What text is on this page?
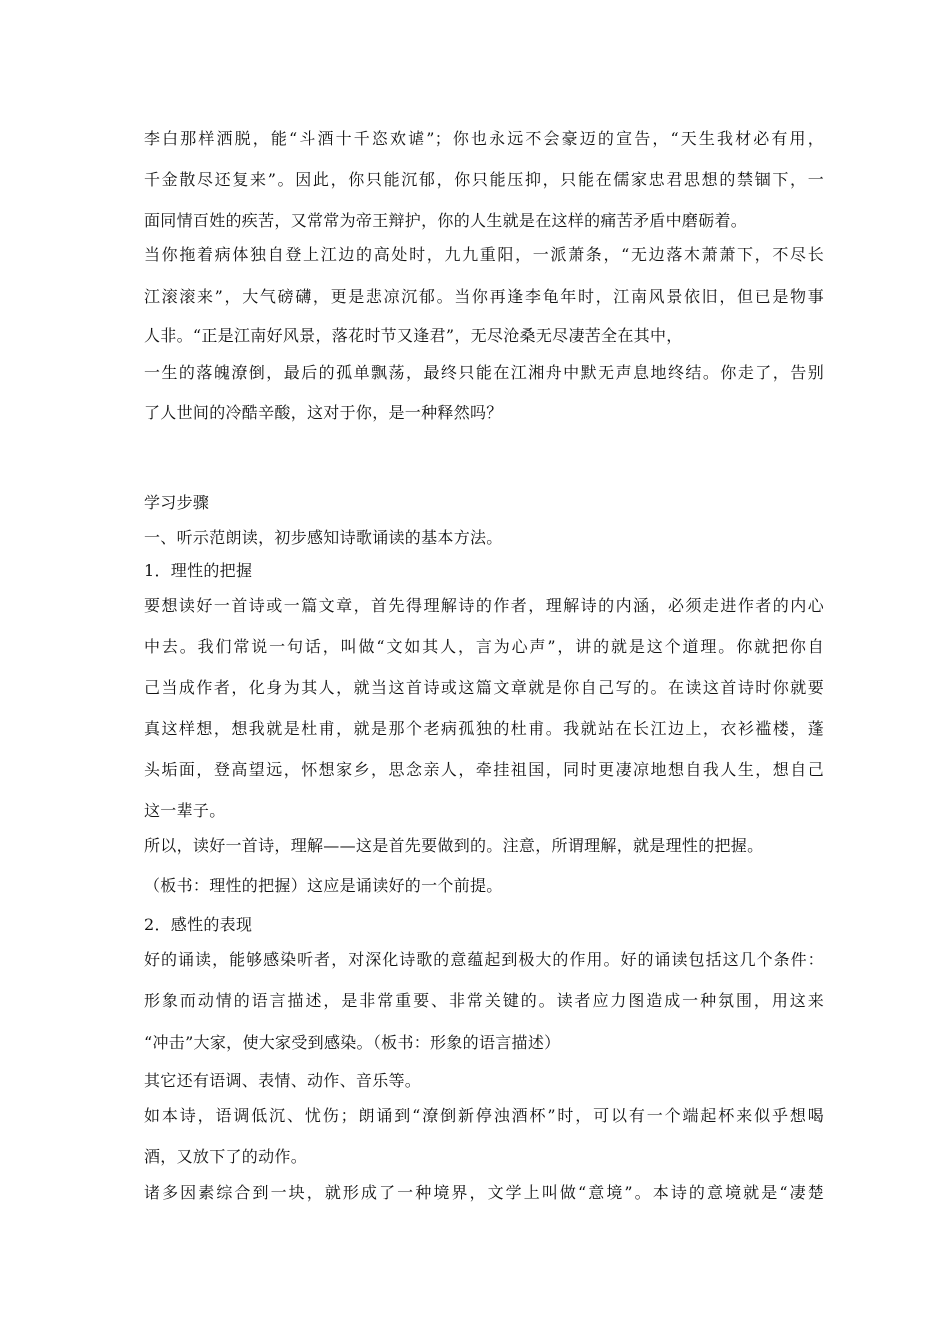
李白那样洒脱，能“斗酒十千恣欢谑”；你也永远不会豪迈的宣告，“天生我材必有用，
千金散尽还复来”。因此，你只能沉郁，你只能压抑，只能在儒家忠君思想的禁锢下，一
面同情百姓的疾苦，又常常为帝王辩护，你的人生就是在这样的痛苦矛盾中磨砺着。
当你拖着病体独自登上江边的高处时，九九重阳，一派萧条，“无边落木萧萧下，不尽长
江滚滚来”，大气磅礴，更是悲凉沉郁。当你再逢李龟年时，江南风景依旧，但已是物事
人非。“正是江南好风景，落花时节又逢君”，无尽沧桑无尽凄苦全在其中，
一生的落魄潦倒，最后的孤单飘荡，最终只能在江湘舟中默无声息地终结。你走了，告别
了人世间的冷酷辛酸，这对于你，是一种释然吗？
学习步骤
一、听示范朗读，初步感知诗歌诵读的基本方法。
1．理性的把握
要想读好一首诗或一篇文章，首先得理解诗的作者，理解诗的内涵，必须走进作者的内心
中去。我们常说一句话，叫做“文如其人，言为心声”，讲的就是这个道理。你就把你自
己当成作者，化身为其人，就当这首诗或这篇文章就是你自己写的。在读这首诗时你就要
真这样想，想我就是杜甫，就是那个老病孤独的杜甫。我就站在长江边上，衣衫褴楼，蓬
头垢面，登高望远，怀想家乡，思念亲人，牵挂祖国，同时更凄凉地想自我人生，想自己
这一辈子。
所以，读好一首诗，理解——这是首先要做到的。注意，所谓理解，就是理性的把握。
（板书：理性的把握）这应是诵读好的一个前提。
2．感性的表现
好的诵读，能够感染听者，对深化诗歌的意蕴起到极大的作用。好的诵读包括这几个条件：
形象而动情的语言描述，是非常重要、非常关键的。读者应力图造成一种氛围，用这来
“冲击”大家，使大家受到感染。（板书：形象的语言描述）
其它还有语调、表情、动作、音乐等。
如本诗，语调低沉、忧伤；朗诵到“潦倒新停浊酒杯”时，可以有一个端起杯来似乎想喝
酒，又放下了的动作。
诸多因素综合到一块，就形成了一种境界，文学上叫做“意境”。本诗的意境就是“凄楚
